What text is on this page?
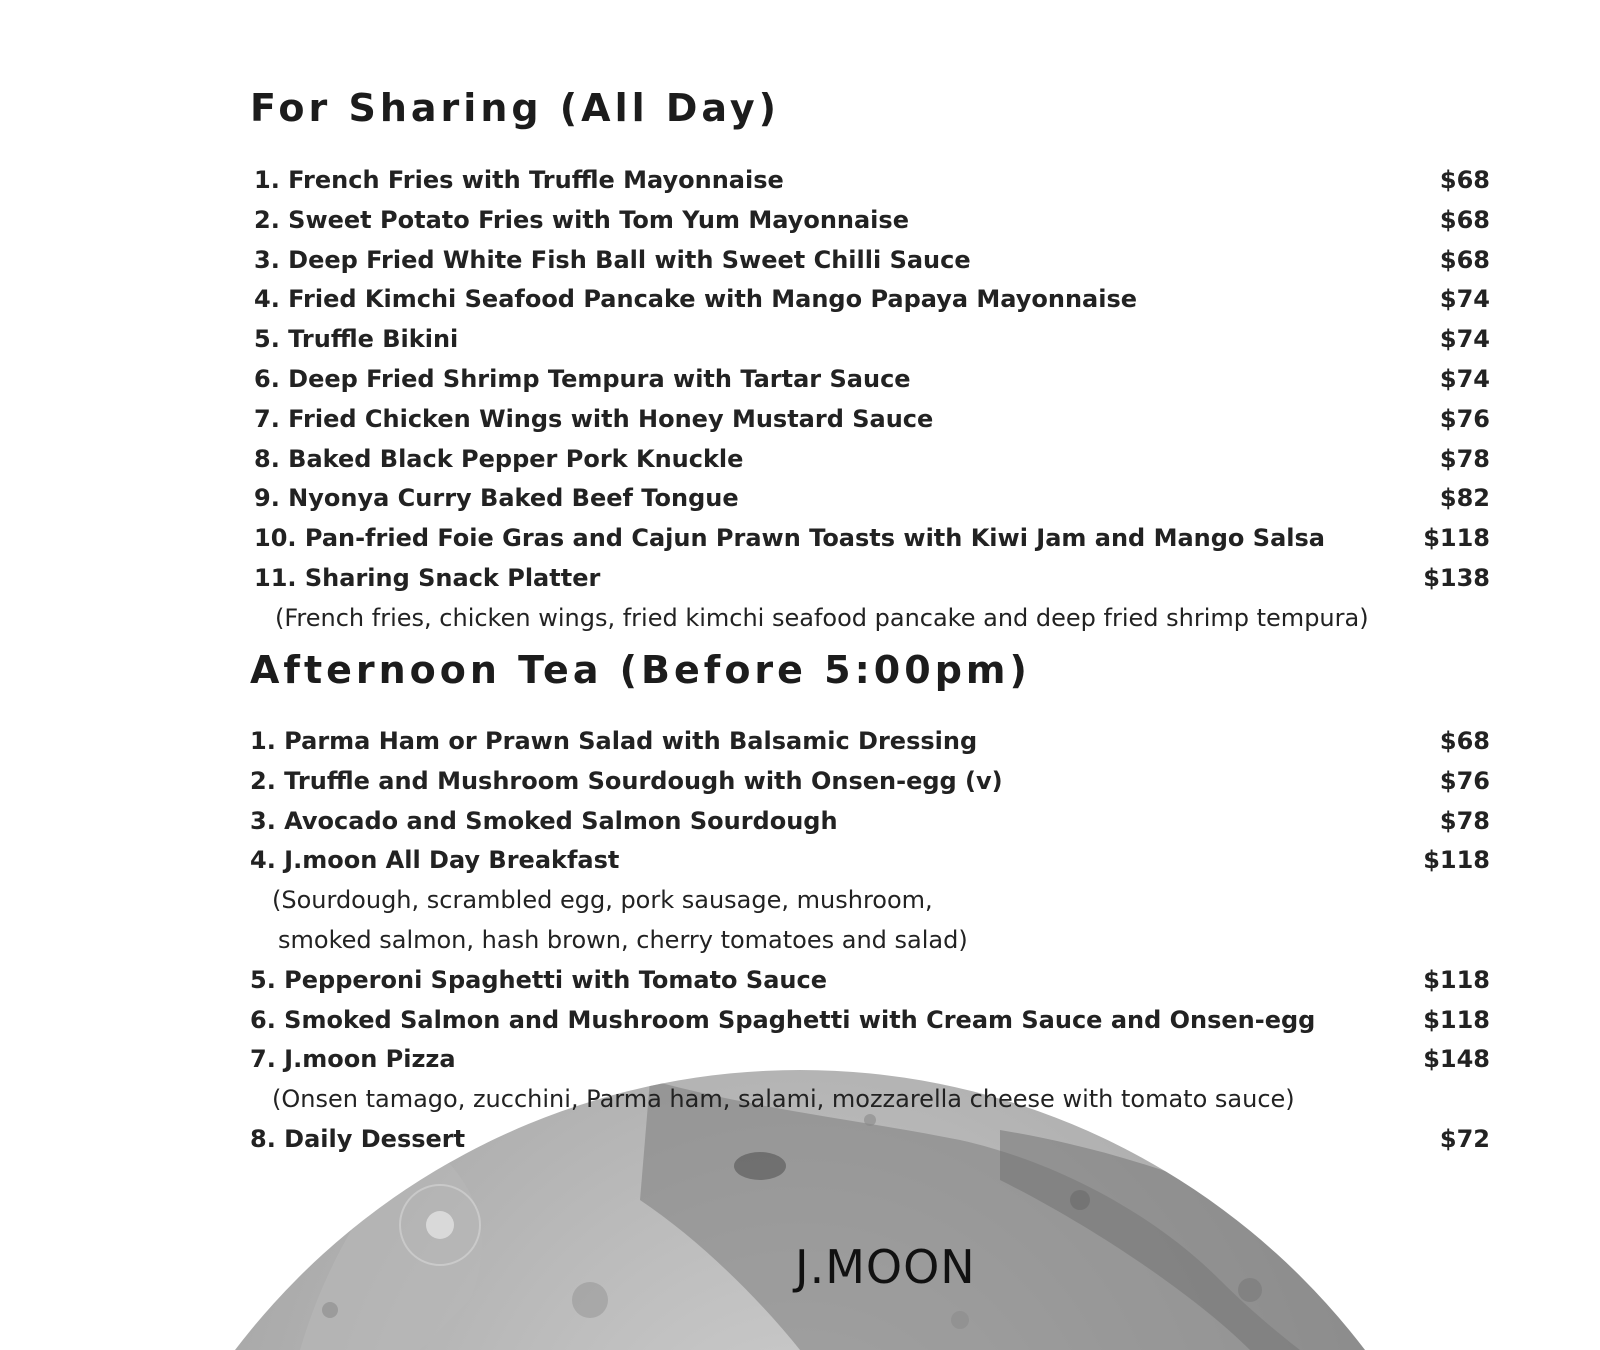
For Sharing (All Day)
1. French Fries with Truffle Mayonnaise	$68
2. Sweet Potato Fries with Tom Yum Mayonnaise	$68
3. Deep Fried White Fish Ball with Sweet Chilli Sauce	$68
4. Fried Kimchi Seafood Pancake with Mango Papaya Mayonnaise	$74
5. Truffle Bikini	$74
6. Deep Fried Shrimp Tempura with Tartar Sauce	$74
7. Fried Chicken Wings with Honey Mustard Sauce	$76
8. Baked Black Pepper Pork Knuckle	$78
9. Nyonya Curry Baked Beef Tongue	$82
10. Pan-fried Foie Gras and Cajun Prawn Toasts with Kiwi Jam and Mango Salsa	$118
11. Sharing Snack Platter	$138
(French fries, chicken wings, fried kimchi seafood pancake and deep fried shrimp tempura)
Afternoon Tea (Before 5:00pm)
1. Parma Ham or Prawn Salad with Balsamic Dressing	$68
2. Truffle and Mushroom Sourdough with Onsen-egg (v)	$76
3. Avocado and Smoked Salmon Sourdough	$78
4. J.moon All Day Breakfast	$118
(Sourdough, scrambled egg, pork sausage, mushroom,
smoked salmon, hash brown, cherry tomatoes and salad)
5. Pepperoni Spaghetti with Tomato Sauce	$118
6. Smoked Salmon and Mushroom Spaghetti with Cream Sauce and Onsen-egg	$118
7. J.moon Pizza	$148
(Onsen tamago, zucchini, Parma ham, salami, mozzarella cheese with tomato sauce)
8. Daily Dessert	$72
J.MOON
